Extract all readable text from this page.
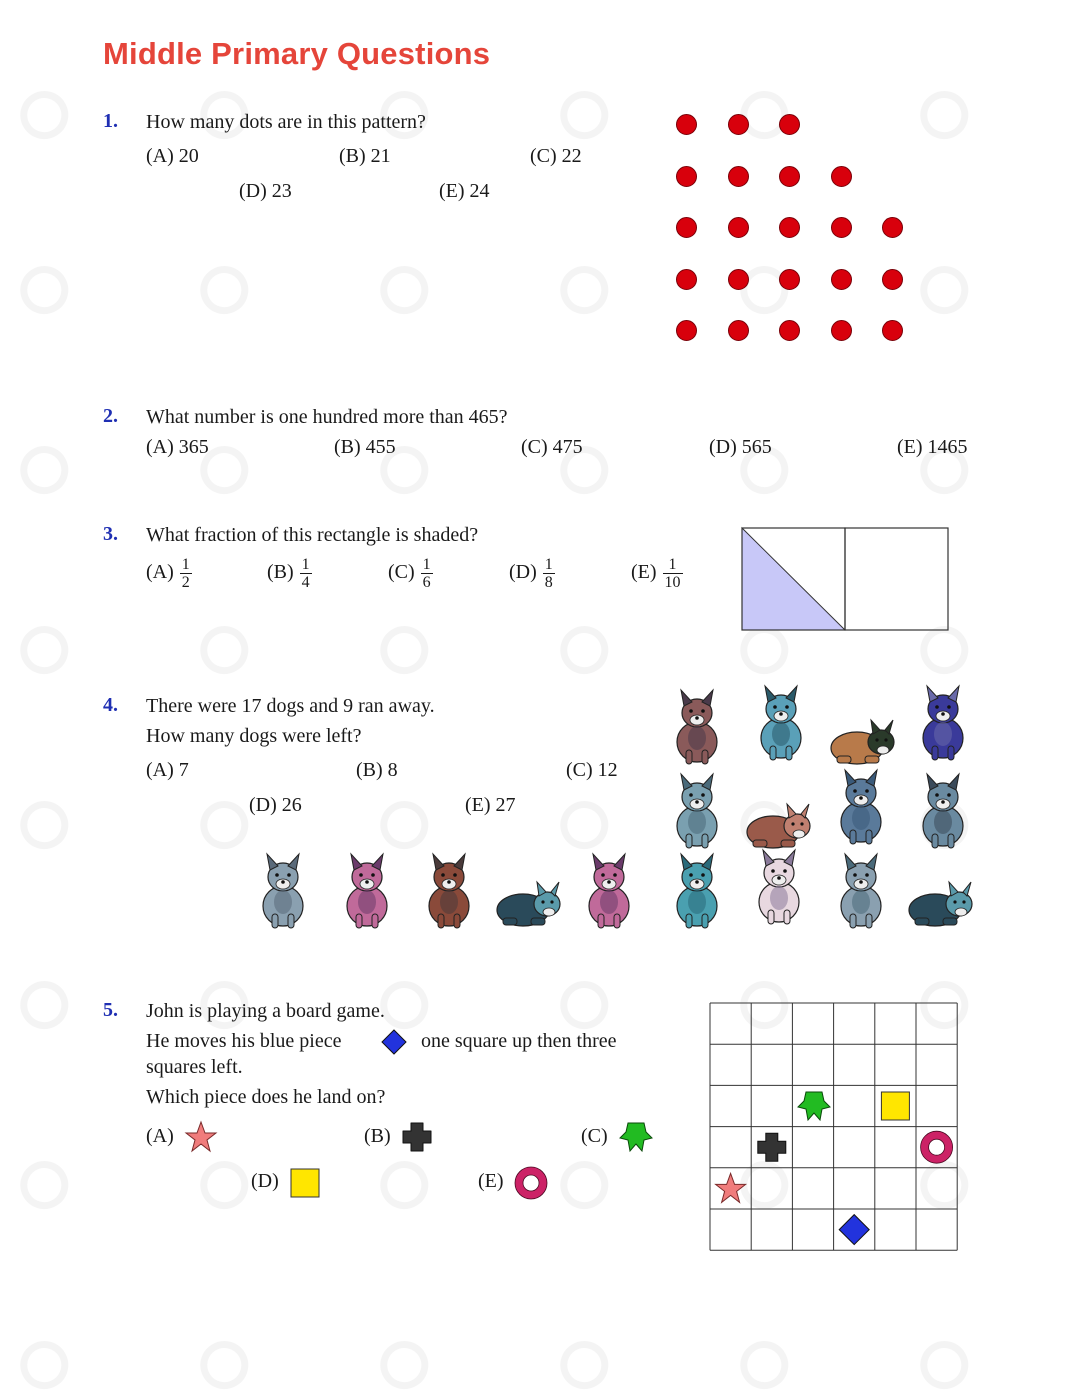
Middle Primary Questions
1. How many dots are in this pattern?
(A) 20	(B) 21	(C) 22
(D) 23	(E) 24
2. What number is one hundred more than 465?
(A) 365	(B) 455	(C) 475	(D) 565	(E) 1465
3. What fraction of this rectangle is shaded?
$(A) \frac{1}{2}$	$(B) \frac{1}{4}$	$(C) \frac{1}{6}$	$(D) \frac{1}{8}$	$(E) \frac{1}{10}$
4. There were 17 dogs and 9 ran away.
How many dogs were left?
(A) 7	(B) 8	(C) 12
(D) 26	(E) 27
5. John is playing a board game.
He moves his blue piece	one square up then three
squares left.
Which piece does he land on?
(A)	(B)	(C)
(D)	(E)
